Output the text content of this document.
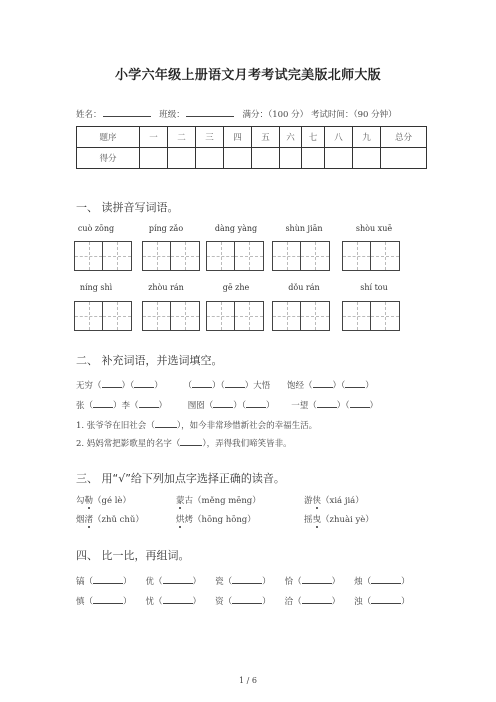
小学六年级上册语文月考考试完美版北师大版
姓名：	班级：	满分：（100 分） 考试时间：（90 分钟）
题序	一	二	三	四	五	六	七	八	九	总分
得分										
一、 读拼音写词语。
cuò zōng	píng zǎo	dàng yàng	shùn jiān	shòu xuē
níng shì	zhòu rán	gē zhe	dǒu rán	shí tou
二、 补充词语，并选词填空。
无穷（ ）（ ） （ ）（ ）大悟 饱经（ ）（ ）
张（ ）李（ ） 囫囵（ ）（ ） 一望（ ）（ ）
1. 张爷爷在旧社会（	），如今非常珍惜新社会的幸福生活。
2. 妈妈常把影歌星的名字（	），弄得我们啼笑皆非。
三、 用“√”给下列加点字选择正确的读音。
勾勒（gé lè）	蒙古（měng mēng）	游侠（xiá jiá）
烟渚（zhǔ chǔ）	烘烤（hōng hōng）	摇曳（zhuài yè）
四、 比一比，再组词。
镐（	） 优（	） 瓷（	） 恰（	） 烛（	）
慎（	） 忧（	） 资（	） 洽（	） 浊（	）
1 / 6
